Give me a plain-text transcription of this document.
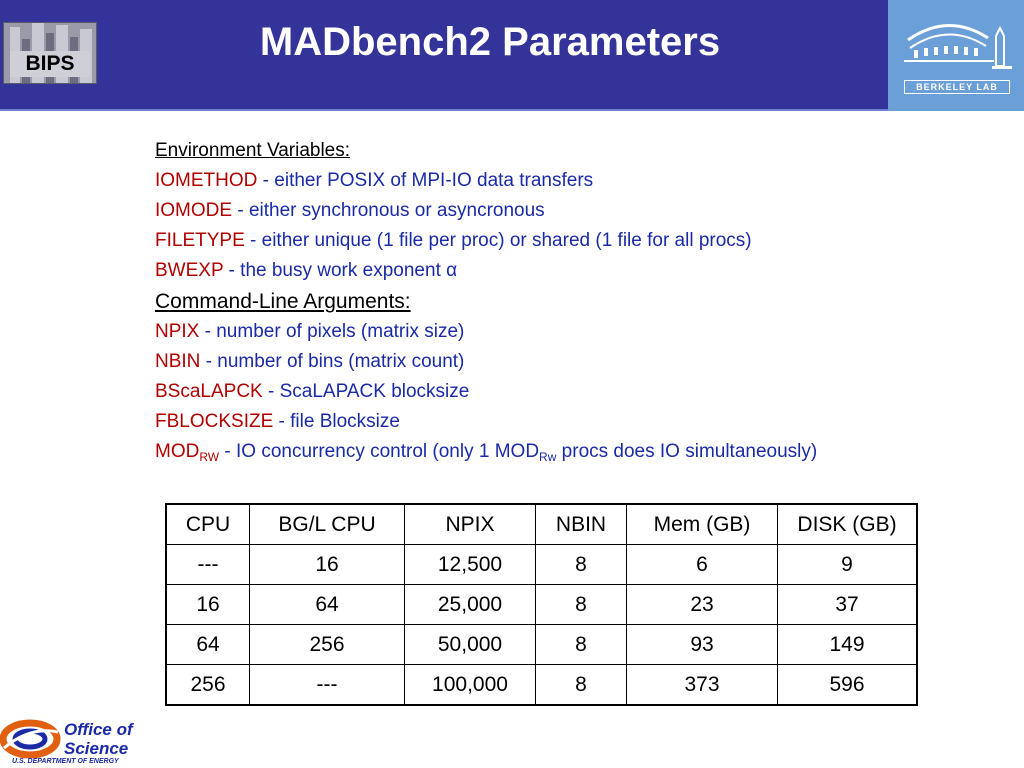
BIPS	MADbench2 Parameters
BERKELEY LAB
Environment Variables:
IOMETHOD - either POSIX of MPI-IO data transfers
IOMODE - either synchronous or asyncronous
FILETYPE - either unique (1 file per proc) or shared (1 file for all procs)
BWEXP - the busy work exponent α
Command-Line Arguments:
NPIX - number of pixels (matrix size)
NBIN - number of bins (matrix count)
BScaLAPCK - ScaLAPACK blocksize
FBLOCKSIZE - file Blocksize
$MOD_{RW}$ - IO concurrency control (only 1 $MOD_{Rw}$ procs does IO simultaneously)
CPU	BG/L CPU	NPIX	NBIN	Mem (GB)	DISK (GB)
---	16	12,500	8	6	9
16	64	25,000	8	23	37
64	256	50,000	8	93	149
256	---	100,000	8	373	596
Office of
Science
U.S. DEPARTMENT OF ENERGY
